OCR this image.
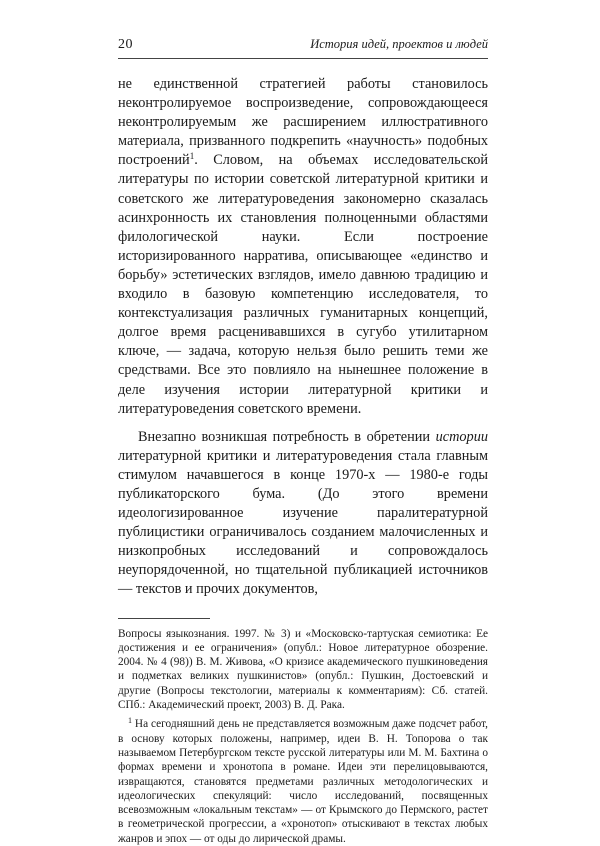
20	История идей, проектов и людей

не единственной стратегией работы становилось неконтролируемое воспроизведение, сопровождающееся неконтролируемым же расширением иллюстративного материала, призванного подкрепить «научность» подобных построений$^1$. Словом, на объемах исследовательской литературы по истории советской литературной критики и советского же литературоведения закономерно сказалась асинхронность их становления полноценными областями филологической науки. Если построение историзированного нарратива, описывающее «единство и борьбу» эстетических взглядов, имело давнюю традицию и входило в базовую компетенцию исследователя, то контекстуализация различных гуманитарных концепций, долгое время расценивавшихся в сугубо утилитарном ключе, — задача, которую нельзя было решить теми же средствами. Все это повлияло на нынешнее положение в деле изучения истории литературной критики и литературоведения советского времени.

Внезапно возникшая потребность в обретении истории литературной критики и литературоведения стала главным стимулом начавшегося в конце 1970-х — 1980-е годы публикаторского бума. (До этого времени идеологизированное изучение паралитературной публицистики ограничивалось созданием малочисленных и низкопробных исследований и сопровождалось неупорядоченной, но тщательной публикацией источников — текстов и прочих документов,

Вопросы языкознания. 1997. № 3) и «Московско-тартуская семиотика: Ее достижения и ее ограничения» (опубл.: Новое литературное обозрение. 2004. № 4 (98)) В. М. Живова, «О кризисе академического пушкиноведения и подметках великих пушкинистов» (опубл.: Пушкин, Достоевский и другие (Вопросы текстологии, материалы к комментариям): Сб. статей. СПб.: Академический проект, 2003) В. Д. Рака.

$^1$ На сегодняшний день не представляется возможным даже подсчет работ, в основу которых положены, например, идеи В. Н. Топорова о так называемом Петербургском тексте русской литературы или М. М. Бахтина о формах времени и хронотопа в романе. Идеи эти перелицовываются, извращаются, становятся предметами различных методологических и идеологических спекуляций: число исследований, посвященных всевозможным «локальным текстам» — от Крымского до Пермского, растет в геометрической прогрессии, а «хронотоп» отыскивают в текстах любых жанров и эпох — от оды до лирической драмы.
